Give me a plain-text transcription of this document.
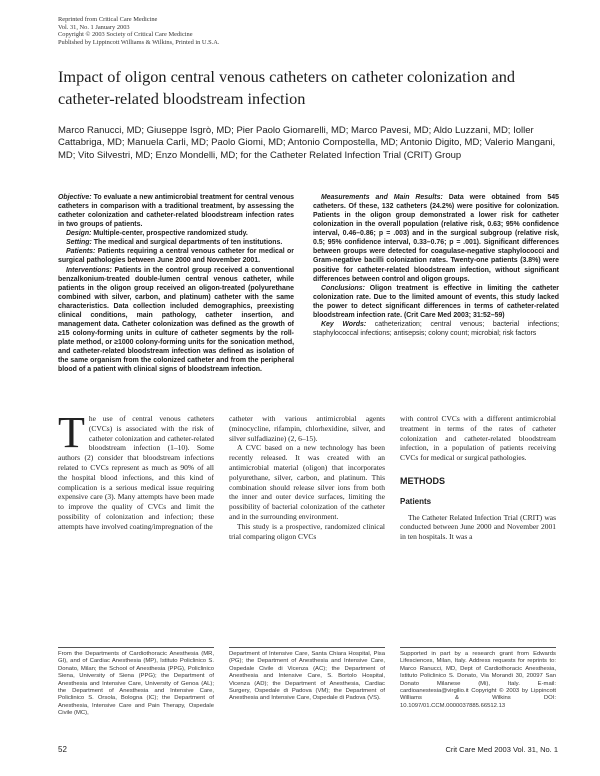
Reprinted from Critical Care Medicine
Vol. 31, No. 1 January 2003
Copyright © 2003 Society of Critical Care Medicine
Published by Lippincott Williams & Wilkins, Printed in U.S.A.
Impact of oligon central venous catheters on catheter colonization and catheter-related bloodstream infection
Marco Ranucci, MD; Giuseppe Isgrò, MD; Pier Paolo Giomarelli, MD; Marco Pavesi, MD; Aldo Luzzani, MD; Ioller Cattabriga, MD; Manuela Carli, MD; Paolo Giomi, MD; Antonio Compostella, MD; Antonio Digito, MD; Valerio Mangani, MD; Vito Silvestri, MD; Enzo Mondelli, MD; for the Catheter Related Infection Trial (CRIT) Group

Objective: To evaluate a new antimicrobial treatment for central venous catheters in comparison with a traditional treatment, by assessing the catheter colonization and catheter-related bloodstream infection rates in two groups of patients.

Design: Multiple-center, prospective randomized study.

Setting: The medical and surgical departments of ten institutions.

Patients: Patients requiring a central venous catheter for medical or surgical pathologies between June 2000 and November 2001.

Interventions: Patients in the control group received a conventional benzalkonium-treated double-lumen central venous catheter, while patients in the oligon group received an oligon-treated (polyurethane combined with silver, carbon, and platinum) catheter with the same characteristics. Data collection included demographics, preexisting clinical conditions, main pathology, catheter insertion, and management data. Catheter colonization was defined as the growth of ≥15 colony-forming units in culture of catheter segments by the roll-plate method, or ≥1000 colony-forming units for the sonication method, and catheter-related bloodstream infection was defined as isolation of the same organism from the colonized catheter and from the peripheral blood of a patient with clinical signs of bloodstream infection.

Measurements and Main Results: Data were obtained from 545 catheters. Of these, 132 catheters (24.2%) were positive for colonization. Patients in the oligon group demonstrated a lower risk for catheter colonization in the overall population (relative risk, 0.63; 95% confidence interval, 0.46–0.86; p = .003) and in the surgical subgroup (relative risk, 0.5; 95% confidence interval, 0.33–0.76; p = .001). Significant differences between groups were detected for coagulase-negative staphylococci and Gram-negative bacilli colonization rates. Twenty-one patients (3.8%) were positive for catheter-related bloodstream infection, without significant differences between control and oligon groups.

Conclusions: Oligon treatment is effective in limiting the catheter colonization rate. Due to the limited amount of events, this study lacked the power to detect significant differences in terms of catheter-related bloodstream infection rate. (Crit Care Med 2003; 31:52–59)

Key Words: catheterization; central venous; bacterial infections; staphylococcal infections; antisepsis; colony count; microbial; risk factors

The use of central venous catheters (CVCs) is associated with the risk of catheter colonization and catheter-related bloodstream infection (1–10). Some authors (2) consider that bloodstream infections related to CVCs represent as much as 90% of all the hospital blood infections, and this kind of complication is a serious medical issue requiring expensive care (3). Many attempts have been made to improve the quality of CVCs and limit the possibility of colonization and infection; these attempts have involved coating/impregnation of the

catheter with various antimicrobial agents (minocycline, rifampin, chlorhexidine, silver, and silver sulfadiazine) (2, 6–15).

A CVC based on a new technology has been recently released. It was created with an antimicrobial material (oligon) that incorporates polyurethane, silver, carbon, and platinum. This combination should release silver ions from both the inner and outer device surfaces, limiting the possibility of bacterial colonization of the catheter and in the surrounding environment.

This study is a prospective, randomized clinical trial comparing oligon CVCs

with control CVCs with a different antimicrobial treatment in terms of the rates of catheter colonization and catheter-related bloodstream infection, in a population of patients receiving CVCs for medical or surgical pathologies.

METHODS
Patients

The Catheter Related Infection Trial (CRIT) was conducted between June 2000 and November 2001 in ten hospitals. It was a

From the Departments of Cardiothoracic Anesthesia (MR, GI), and of Cardiac Anesthesia (MP), Istituto Policlinico S. Donato, Milan; the School of Anesthesia (PPG), Policlinico Siena, University of Siena (PPG); the Department of Anesthesia and Intensive Care, University of Genoa (AL); the Department of Anesthesia and Intensive Care, Policlinico S. Orsola, Bologna (IC); the Department of Anesthesia, Intensive Care and Pain Therapy, Ospedale Civile (MC),

Department of Intensive Care, Santa Chiara Hospital, Pisa (PG); the Department of Anesthesia and Intensive Care, Ospedale Civile di Vicenza (AC); the Department of Anesthesia and Intensive Care, S. Bortolo Hospital, Vicenza (AD); the Department of Anesthesia, Cardiac Surgery, Ospedale di Padova (VM); the Department of Anesthesia and Intensive Care, Ospedale di Padova (VS).

Supported in part by a research grant from Edwards Lifesciences, Milan, Italy. Address requests for reprints to: Marco Ranucci, MD, Dept of Cardiothoracic Anesthesia, Istituto Policlinico S. Donato, Via Morandi 30, 20097 San Donato Milanese (Mi), Italy. E-mail: cardioanestesia@virgilio.it Copyright © 2003 by Lippincott Williams & Wilkins DOI: 10.1097/01.CCM.0000037885.66512.13

52	Crit Care Med 2003 Vol. 31, No. 1
